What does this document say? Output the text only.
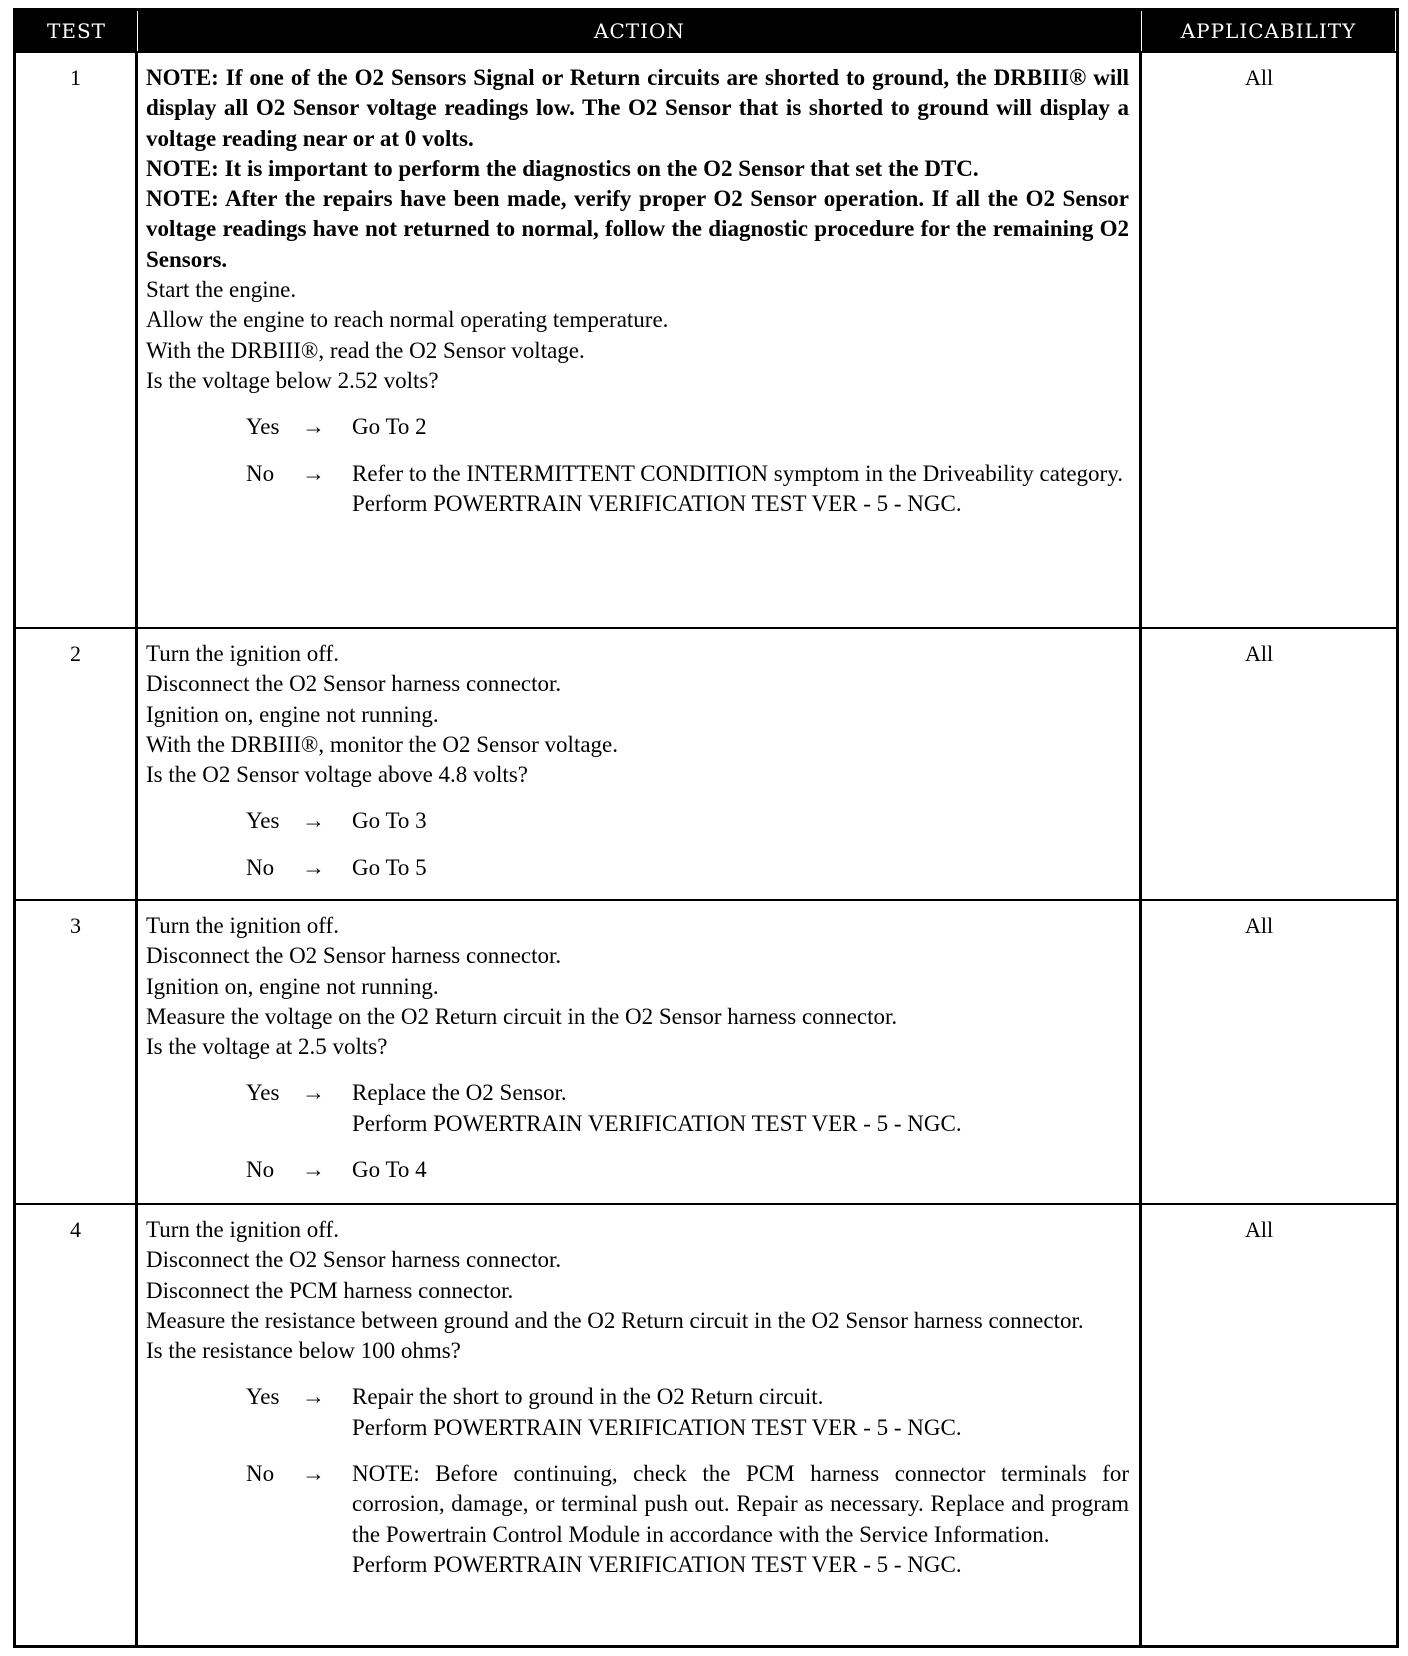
TEST	ACTION	APPLICABILITY
1	NOTE: If one of the O2 Sensors Signal or Return circuits are shorted to ground, the DRBIII® will display all O2 Sensor voltage readings low. The O2 Sensor that is shorted to ground will display a voltage reading near or at 0 volts.
NOTE: It is important to perform the diagnostics on the O2 Sensor that set the DTC.
NOTE: After the repairs have been made, verify proper O2 Sensor operation. If all the O2 Sensor voltage readings have not returned to normal, follow the diagnostic procedure for the remaining O2 Sensors.
Start the engine.
Allow the engine to reach normal operating temperature.
With the DRBIII®, read the O2 Sensor voltage.
Is the voltage below 2.52 volts?
Yes →	Go To 2
No	→	Refer to the INTERMITTENT CONDITION symptom in the Driveability category.
Perform POWERTRAIN VERIFICATION TEST VER - 5 - NGC.
All
2	Turn the ignition off.
Disconnect the O2 Sensor harness connector.
Ignition on, engine not running.
With the DRBIII®, monitor the O2 Sensor voltage.
Is the O2 Sensor voltage above 4.8 volts?
Yes →	Go To 3
No	→	Go To 5
All
3	Turn the ignition off.
Disconnect the O2 Sensor harness connector.
Ignition on, engine not running.
Measure the voltage on the O2 Return circuit in the O2 Sensor harness connector.
Is the voltage at 2.5 volts?
Yes →	Replace the O2 Sensor.
Perform POWERTRAIN VERIFICATION TEST VER - 5 - NGC.
No	→	Go To 4
All
4	Turn the ignition off.
Disconnect the O2 Sensor harness connector.
Disconnect the PCM harness connector.
Measure the resistance between ground and the O2 Return circuit in the O2 Sensor harness connector.
Is the resistance below 100 ohms?
Yes →	Repair the short to ground in the O2 Return circuit.
Perform POWERTRAIN VERIFICATION TEST VER - 5 - NGC.
No	→	NOTE: Before continuing, check the PCM harness connector terminals for corrosion, damage, or terminal push out. Repair as necessary. Replace and program the Powertrain Control Module in accordance with the Service Information.
Perform POWERTRAIN VERIFICATION TEST VER - 5 - NGC.
All
